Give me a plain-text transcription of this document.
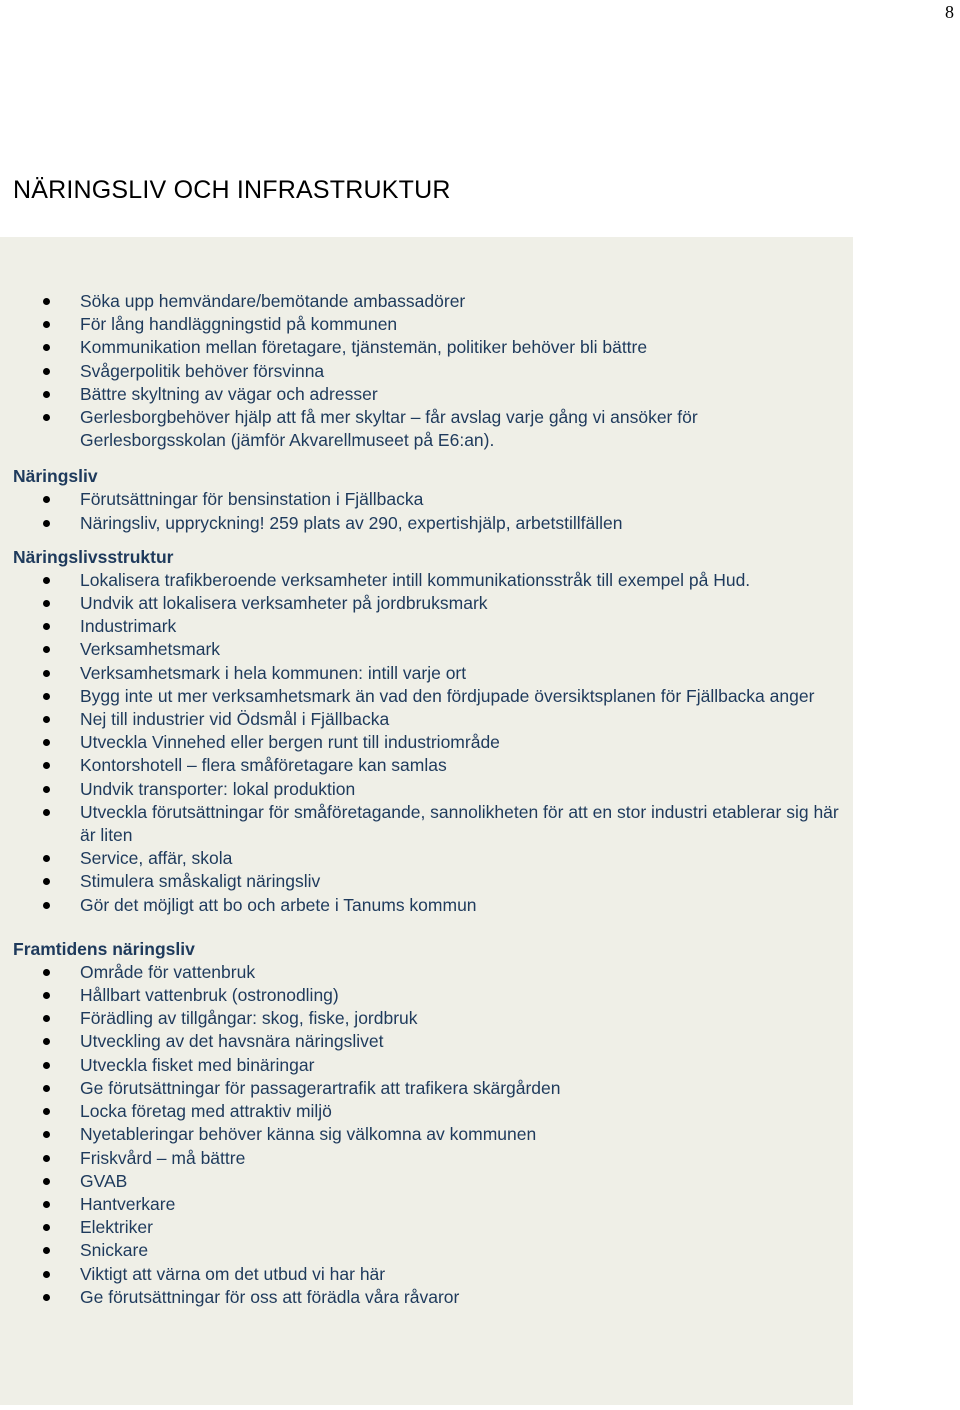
8
NÄRINGSLIV OCH INFRASTRUKTUR
Söka upp hemvändare/bemötande ambassadörer
För lång handläggningstid på kommunen
Kommunikation mellan företagare, tjänstemän, politiker behöver bli bättre
Svågerpolitik behöver försvinna
Bättre skyltning av vägar och adresser
Gerlesborgbehöver hjälp att få mer skyltar – får avslag varje gång vi ansöker för Gerlesborgsskolan (jämför Akvarellmuseet på E6:an).
Näringsliv
Förutsättningar för bensinstation i Fjällbacka
Näringsliv, uppryckning! 259 plats av 290, expertishjälp, arbetstillfällen
Näringslivsstruktur
Lokalisera trafikberoende verksamheter intill kommunikationsstråk till exempel på Hud.
Undvik att lokalisera verksamheter på jordbruksmark
Industrimark
Verksamhetsmark
Verksamhetsmark i hela kommunen: intill varje ort
Bygg inte ut mer verksamhetsmark än vad den fördjupade översiktsplanen för Fjällbacka anger
Nej till industrier vid Ödsmål i Fjällbacka
Utveckla Vinnehed eller bergen runt till industriområde
Kontorshotell – flera småföretagare kan samlas
Undvik transporter: lokal produktion
Utveckla förutsättningar för småföretagande, sannolikheten för att en stor industri etablerar sig här är liten
Service, affär, skola
Stimulera småskaligt näringsliv
Gör det möjligt att bo och arbete i Tanums kommun
Framtidens näringsliv
Område för vattenbruk
Hållbart vattenbruk (ostronodling)
Förädling av tillgångar: skog, fiske, jordbruk
Utveckling av det havsnära näringslivet
Utveckla fisket med binäringar
Ge förutsättningar för passagerartrafik att trafikera skärgården
Locka företag med attraktiv miljö
Nyetableringar behöver känna sig välkomna av kommunen
Friskvård – må bättre
GVAB
Hantverkare
Elektriker
Snickare
Viktigt att värna om det utbud vi har här
Ge förutsättningar för oss att förädla våra råvaror
